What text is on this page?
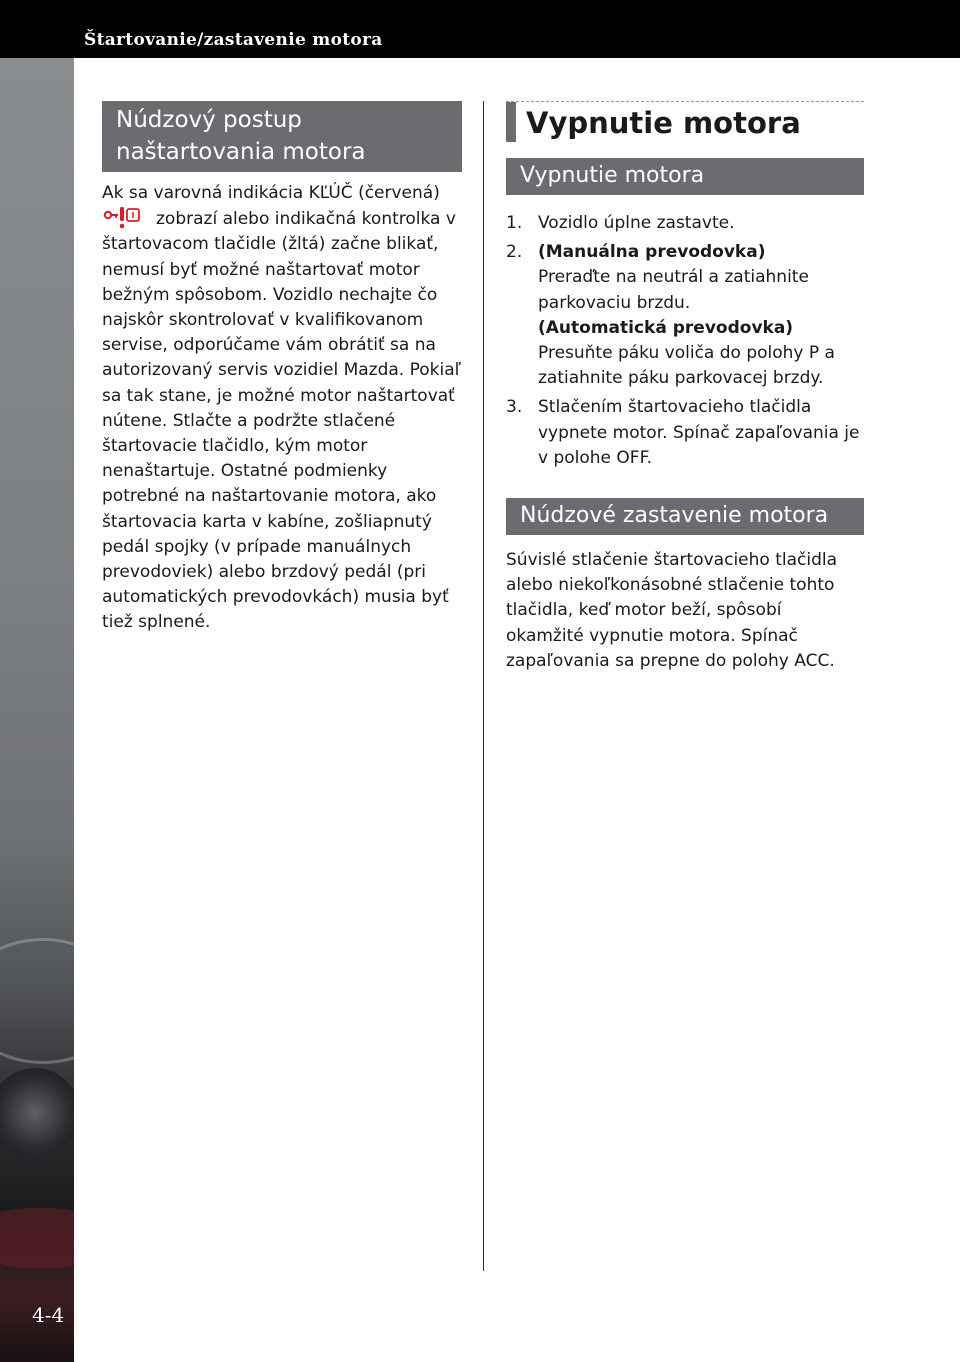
Štartovanie/zastavenie motora
4-4
Núdzový postup
naštartovania motora

Ak sa varovná indikácia KĽÚČ (červená)

zobrazí alebo indikačná kontrolka v štartovacom tlačidle (žltá) začne blikať, nemusí byť možné naštartovať motor bežným spôsobom. Vozidlo nechajte čo najskôr skontrolovať v kvalifikovanom servise, odporúčame vám obrátiť sa na autorizovaný servis vozidiel Mazda. Pokiaľ sa tak stane, je možné motor naštartovať nútene. Stlačte a podržte stlačené štartovacie tlačidlo, kým motor nenaštartuje. Ostatné podmienky potrebné na naštartovanie motora, ako štartovacia karta v kabíne, zošliapnutý pedál spojky (v prípade manuálnych prevodoviek) alebo brzdový pedál (pri automatických prevodovkách) musia byť tiež splnené.

Vypnutie motora
Vypnutie motora
1. Vozidlo úplne zastavte.
2. (Manuálna prevodovka)
Preraďte na neutrál a zatiahnite parkovaciu brzdu.
(Automatická prevodovka)
Presuňte páku voliča do polohy P a zatiahnite páku parkovacej brzdy.
3. Stlačením štartovacieho tlačidla vypnete motor. Spínač zapaľovania je v polohe OFF.
Núdzové zastavenie motora

Súvislé stlačenie štartovacieho tlačidla alebo niekoľkonásobné stlačenie tohto tlačidla, keď motor beží, spôsobí okamžité vypnutie motora. Spínač zapaľovania sa prepne do polohy ACC.
